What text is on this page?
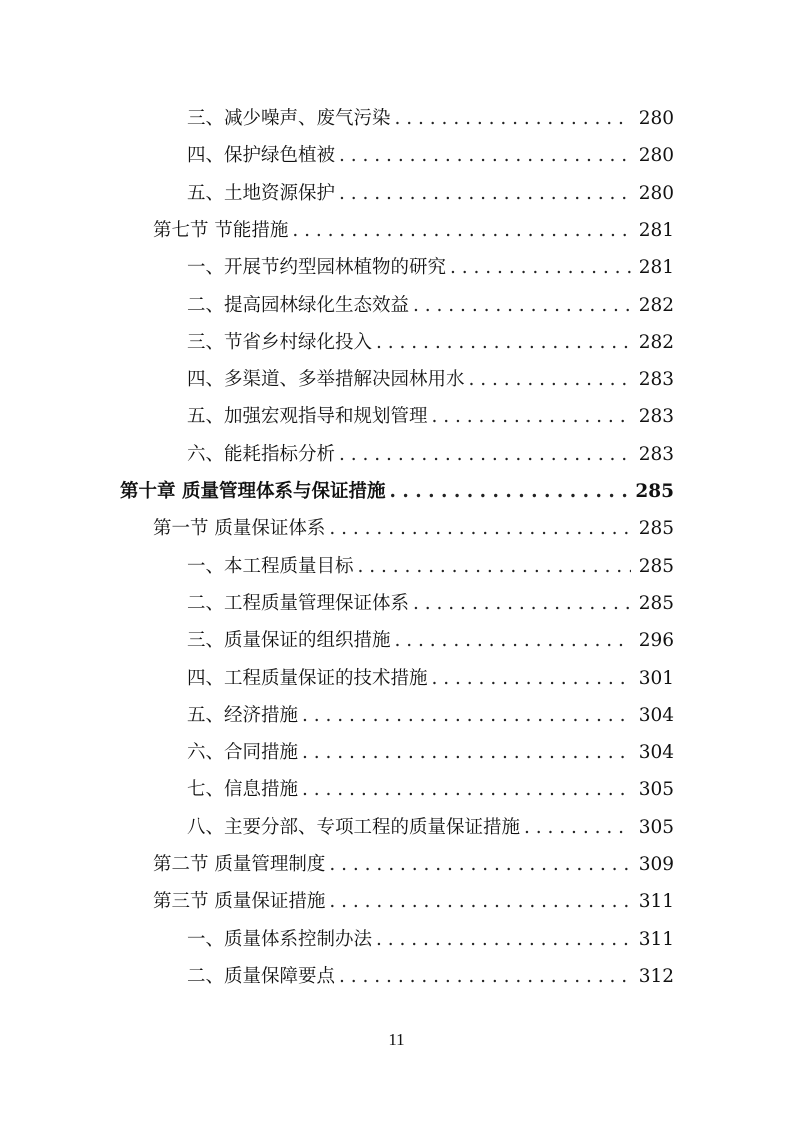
三、减少噪声、废气污染 . . .	280
四、保护绿色植被 . . .	280
五、土地资源保护 . . .	280
第七节 节能措施 . . .	281
一、开展节约型园林植物的研究 . . .	281
二、提高园林绿化生态效益 . . .	282
三、节省乡村绿化投入 . . .	282
四、多渠道、多举措解决园林用水 . . .	283
五、加强宏观指导和规划管理 . . .	283
六、能耗指标分析 . . .	283
第十章 质量管理体系与保证措施 . . .	285
第一节 质量保证体系 . . .	285
一、本工程质量目标 . . .	285
二、工程质量管理保证体系 . . .	285
三、质量保证的组织措施 . . .	296
四、工程质量保证的技术措施 . . .	301
五、经济措施 . . .	304
六、合同措施 . . .	304
七、信息措施 . . .	305
八、主要分部、专项工程的质量保证措施 . . .	305
第二节 质量管理制度 . . .	309
第三节 质量保证措施 . . .	311
一、质量体系控制办法 . . .	311
二、质量保障要点 . . .	312
11
